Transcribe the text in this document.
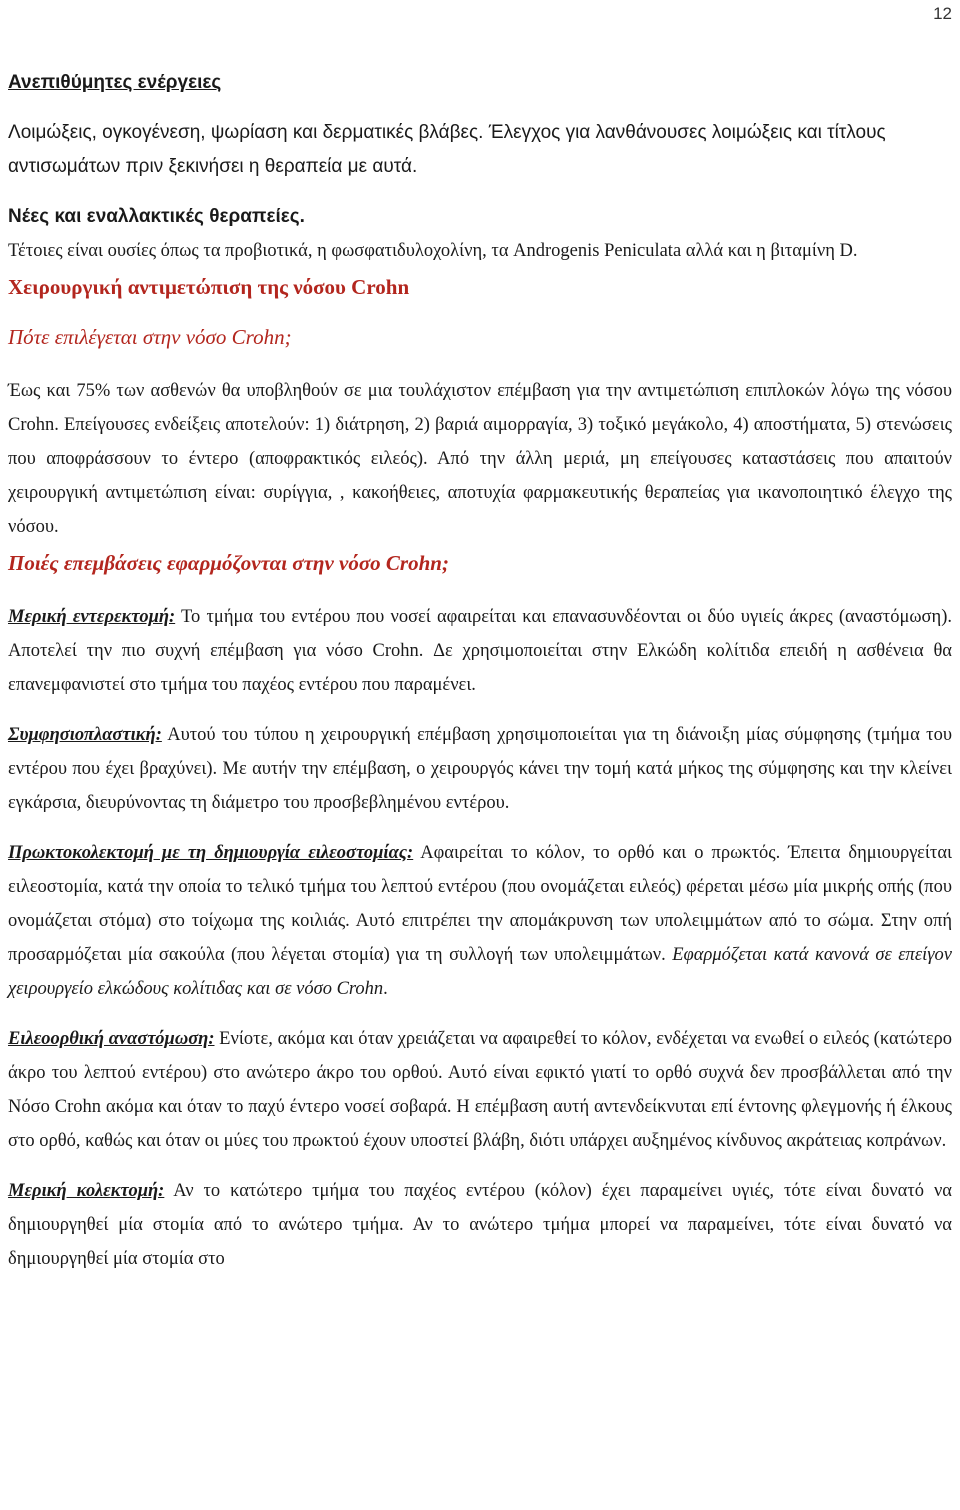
12

Ανεπιθύμητες ενέργειες

Λοιμώξεις, ογκογένεση, ψωρίαση και δερματικές βλάβες. Έλεγχος για λανθάνουσες λοιμώξεις και τίτλους αντισωμάτων πριν ξεκινήσει η θεραπεία με αυτά.

Νέες και εναλλακτικές θεραπείες.

Τέτοιες είναι ουσίες όπως τα προβιοτικά, η φωσφατιδυλοχολίνη, τα Androgenis Peniculata αλλά και η βιταμίνη D.

Χειρουργική αντιμετώπιση της νόσου Crohn

Πότε επιλέγεται στην νόσο Crohn;

Έως και 75% των ασθενών θα υποβληθούν σε μια τουλάχιστον επέμβαση για την αντιμετώπιση επιπλοκών λόγω της νόσου Crohn. Επείγουσες ενδείξεις αποτελούν: 1) διάτρηση, 2) βαριά αιμορραγία, 3) τοξικό μεγάκολο, 4) αποστήματα, 5) στενώσεις που αποφράσσουν το έντερο (αποφρακτικός ειλεός). Από την άλλη μεριά, μη επείγουσες καταστάσεις που απαιτούν χειρουργική αντιμετώπιση είναι: συρίγγια, , κακοήθειες, αποτυχία φαρμακευτικής θεραπείας για ικανοποιητικό έλεγχο της νόσου.

Ποιές επεμβάσεις εφαρμόζονται στην νόσο Crohn;

Μερική εντερεκτομή: Το τμήμα του εντέρου που νοσεί αφαιρείται και επανασυνδέονται οι δύο υγιείς άκρες (αναστόμωση). Αποτελεί την πιο συχνή επέμβαση για νόσο Crohn. Δε χρησιμοποιείται στην Ελκώδη κολίτιδα επειδή η ασθένεια θα επανεμφανιστεί στο τμήμα του παχέος εντέρου που παραμένει.

Συμφησιοπλαστική: Αυτού του τύπου η χειρουργική επέμβαση χρησιμοποιείται για τη διάνοιξη μίας σύμφησης (τμήμα του εντέρου που έχει βραχύνει). Με αυτήν την επέμβαση, ο χειρουργός κάνει την τομή κατά μήκος της σύμφησης και την κλείνει εγκάρσια, διευρύνοντας τη διάμετρο του προσβεβλημένου εντέρου.

Πρωκτοκολεκτομή με τη δημιουργία ειλεοστομίας: Αφαιρείται το κόλον, το ορθό και ο πρωκτός. Έπειτα δημιουργείται ειλεοστομία, κατά την οποία το τελικό τμήμα του λεπτού εντέρου (που ονομάζεται ειλεός) φέρεται μέσω μία μικρής οπής (που ονομάζεται στόμα) στο τοίχωμα της κοιλιάς. Αυτό επιτρέπει την απομάκρυνση των υπολειμμάτων από το σώμα. Στην οπή προσαρμόζεται μία σακούλα (που λέγεται στομία) για τη συλλογή των υπολειμμάτων. Εφαρμόζεται κατά κανονά σε επείγον χειρουργείο ελκώδους κολίτιδας και σε νόσο Crohn.

Ειλεοορθική αναστόμωση: Ενίοτε, ακόμα και όταν χρειάζεται να αφαιρεθεί το κόλον, ενδέχεται να ενωθεί ο ειλεός (κατώτερο άκρο του λεπτού εντέρου) στο ανώτερο άκρο του ορθού. Αυτό είναι εφικτό γιατί το ορθό συχνά δεν προσβάλλεται από την Νόσο Crohn ακόμα και όταν το παχύ έντερο νοσεί σοβαρά. Η επέμβαση αυτή αντενδείκνυται επί έντονης φλεγμονής ή έλκους στο ορθό, καθώς και όταν οι μύες του πρωκτού έχουν υποστεί βλάβη, διότι υπάρχει αυξημένος κίνδυνος ακράτειας κοπράνων.

Μερική κολεκτομή: Αν το κατώτερο τμήμα του παχέος εντέρου (κόλον) έχει παραμείνει υγιές, τότε είναι δυνατό να δημιουργηθεί μία στομία από το ανώτερο τμήμα. Αν το ανώτερο τμήμα μπορεί να παραμείνει, τότε είναι δυνατό να δημιουργηθεί μία στομία στο
